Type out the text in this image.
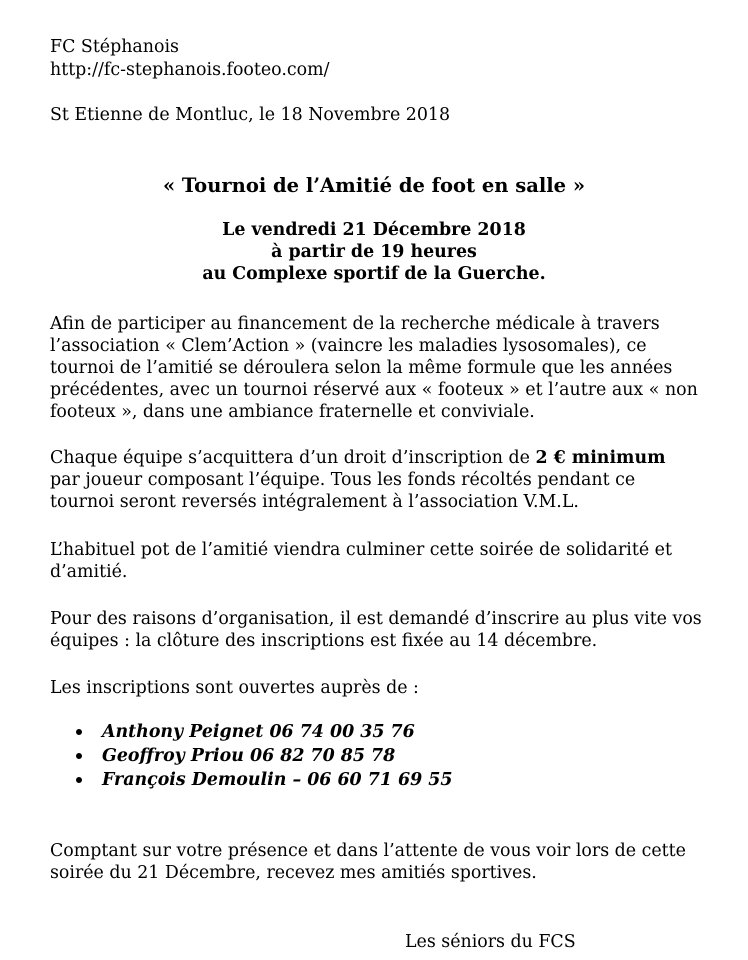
FC Stéphanois
http://fc-stephanois.footeo.com/
St Etienne de Montluc, le 18 Novembre 2018
« Tournoi de l’Amitié de foot en salle »
Le vendredi 21 Décembre 2018
à partir de 19 heures
au Complexe sportif de la Guerche.
Afin de participer au financement de la recherche médicale à travers
l’association « Clem’Action » (vaincre les maladies lysosomales), ce
tournoi de l’amitié se déroulera selon la même formule que les années
précédentes, avec un tournoi réservé aux « footeux » et l’autre aux « non
footeux », dans une ambiance fraternelle et conviviale.
Chaque équipe s’acquittera d’un droit d’inscription de 2 € minimum
par joueur composant l’équipe. Tous les fonds récoltés pendant ce
tournoi seront reversés intégralement à l’association V.M.L.
L’habituel pot de l’amitié viendra culminer cette soirée de solidarité et
d’amitié.
Pour des raisons d’organisation, il est demandé d’inscrire au plus vite vos
équipes : la clôture des inscriptions est fixée au 14 décembre.
Les inscriptions sont ouvertes auprès de :
Anthony Peignet 06 74 00 35 76
Geoffroy Priou 06 82 70 85 78
François Demoulin – 06 60 71 69 55
Comptant sur votre présence et dans l’attente de vous voir lors de cette
soirée du 21 Décembre, recevez mes amitiés sportives.
Les séniors du FCS
